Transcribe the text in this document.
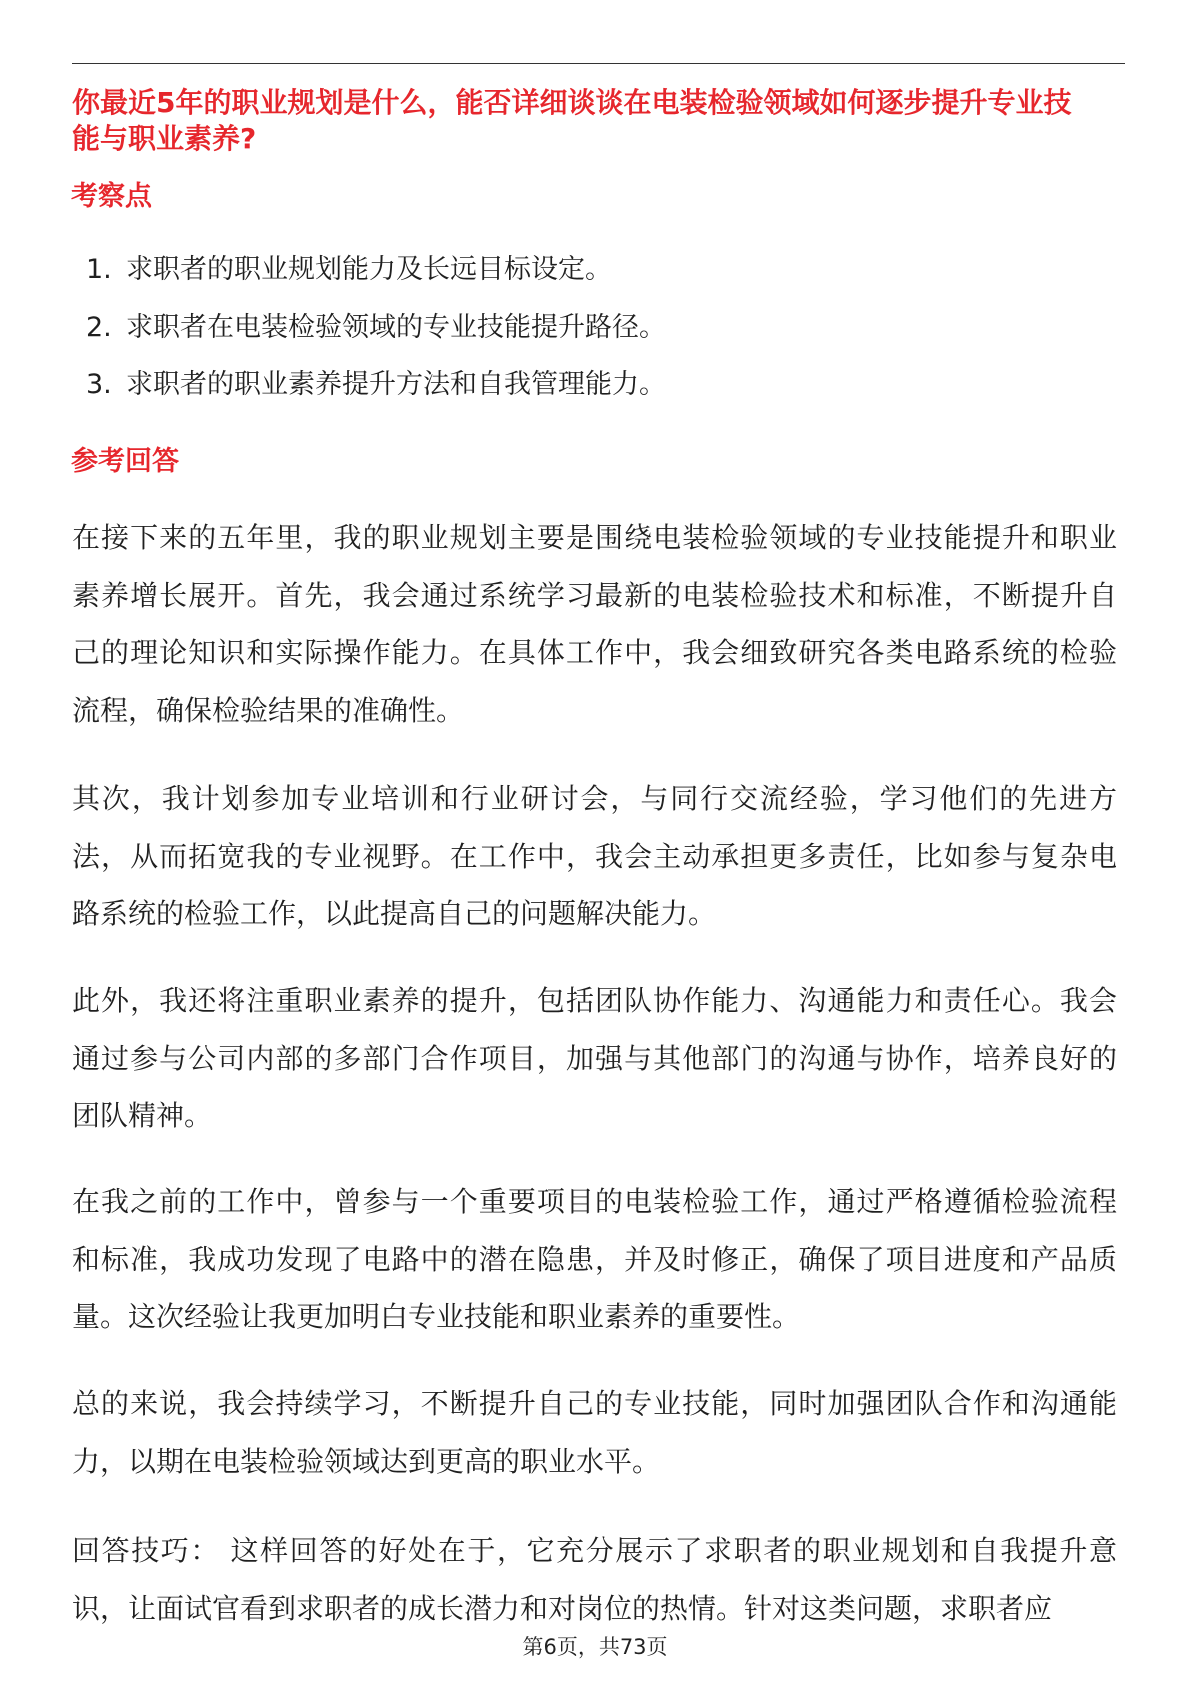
你最近5年的职业规划是什么，能否详细谈谈在电装检验领域如何逐步提升专业技
能与职业素养?
考察点
1. 求职者的职业规划能力及长远目标设定。
2. 求职者在电装检验领域的专业技能提升路径。
3. 求职者的职业素养提升方法和自我管理能力。
参考回答
在接下来的五年里，我的职业规划主要是围绕电装检验领域的专业技能提升和职业
素养增长展开。首先，我会通过系统学习最新的电装检验技术和标准，不断提升自
己的理论知识和实际操作能力。在具体工作中，我会细致研究各类电路系统的检验
流程，确保检验结果的准确性。
其次，我计划参加专业培训和行业研讨会，与同行交流经验，学习他们的先进方
法，从而拓宽我的专业视野。在工作中，我会主动承担更多责任，比如参与复杂电
路系统的检验工作，以此提高自己的问题解决能力。
此外，我还将注重职业素养的提升，包括团队协作能力、沟通能力和责任心。我会
通过参与公司内部的多部门合作项目，加强与其他部门的沟通与协作，培养良好的
团队精神。
在我之前的工作中，曾参与一个重要项目的电装检验工作，通过严格遵循检验流程
和标准，我成功发现了电路中的潜在隐患，并及时修正，确保了项目进度和产品质
量。这次经验让我更加明白专业技能和职业素养的重要性。
总的来说，我会持续学习，不断提升自己的专业技能，同时加强团队合作和沟通能
力，以期在电装检验领域达到更高的职业水平。
回答技巧： 这样回答的好处在于，它充分展示了求职者的职业规划和自我提升意
识，让面试官看到求职者的成长潜力和对岗位的热情。针对这类问题，求职者应
第6页，共73页
